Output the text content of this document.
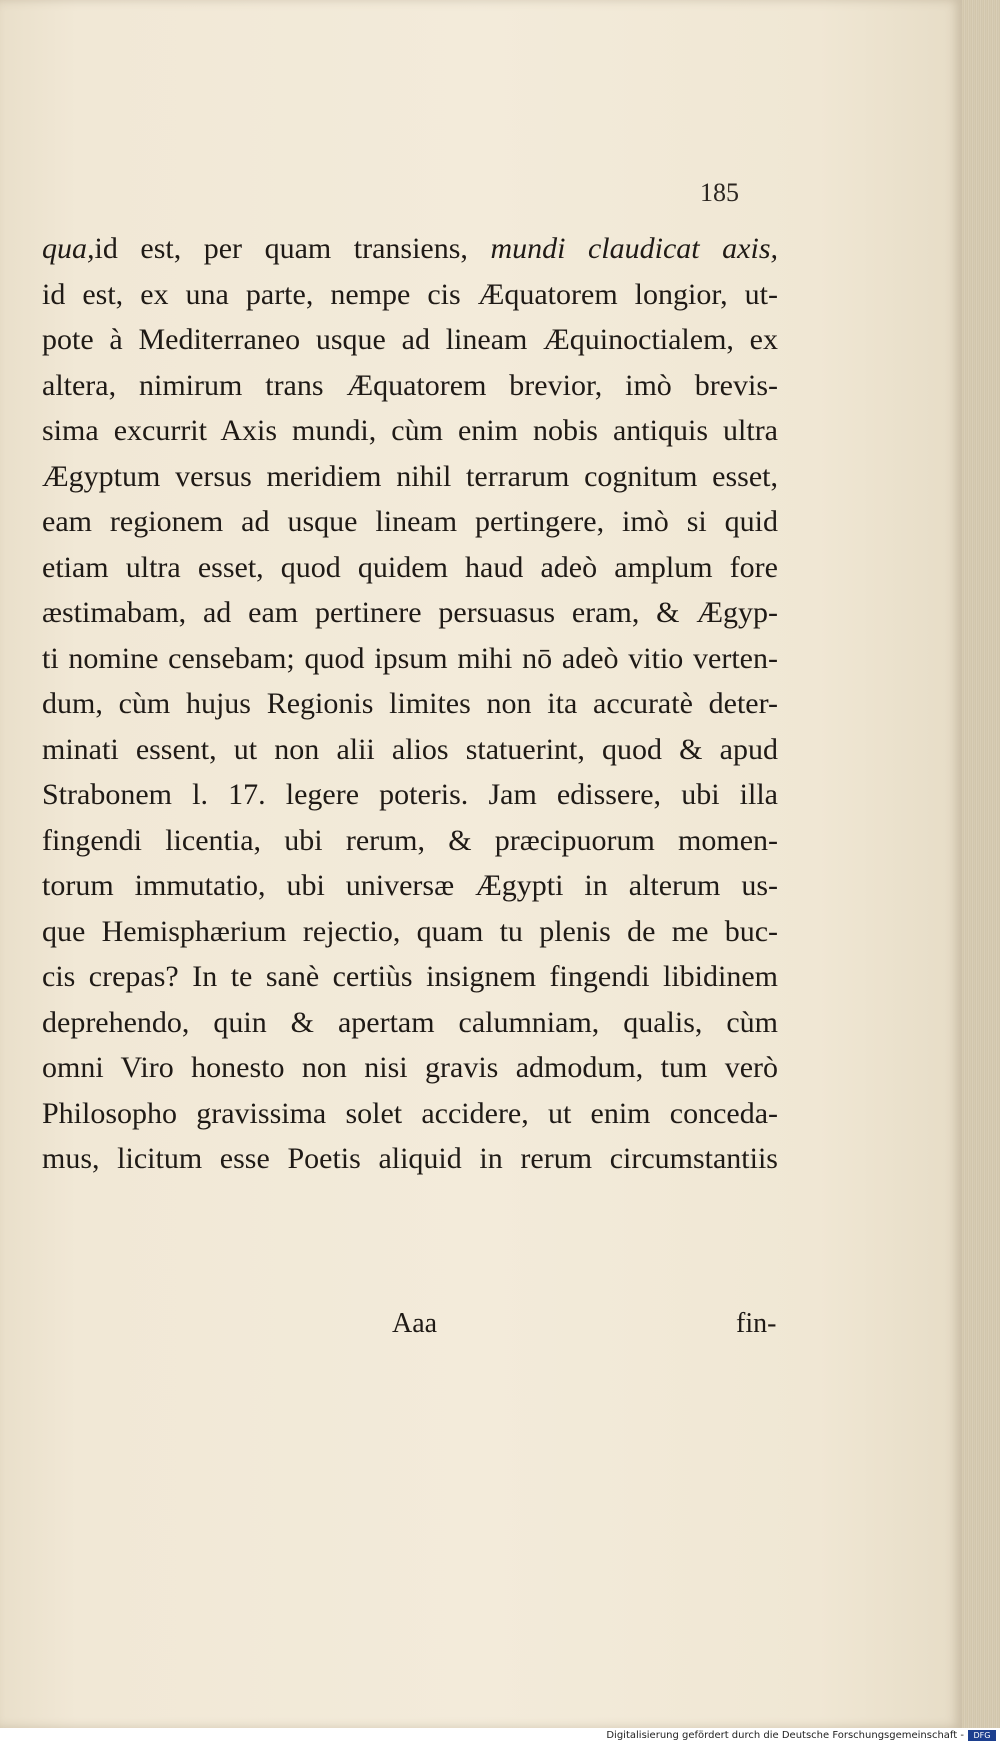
185
qua,id est, per quam transiens, mundi claudicat axis,
id est, ex una parte, nempe cis Æquatorem longior, ut-
pote à Mediterraneo usque ad lineam Æquinoctialem, ex
altera, nimirum trans Æquatorem brevior, imò brevis-
sima excurrit Axis mundi, cùm enim nobis antiquis ultra
Ægyptum versus meridiem nihil terrarum cognitum esset,
eam regionem ad usque lineam pertingere, imò si quid
etiam ultra esset, quod quidem haud adeò amplum fore
æstimabam, ad eam pertinere persuasus eram, & Ægyp-
ti nomine censebam; quod ipsum mihi nō adeò vitio verten-
dum, cùm hujus Regionis limites non ita accuratè deter-
minati essent, ut non alii alios statuerint, quod & apud
Strabonem l. 17. legere poteris. Jam edissere, ubi illa
fingendi licentia, ubi rerum, & præcipuorum momen-
torum immutatio, ubi universæ Ægypti in alterum us-
que Hemisphærium rejectio, quam tu plenis de me buc-
cis crepas? In te sanè certiùs insignem fingendi libidinem
deprehendo, quin & apertam calumniam, qualis, cùm
omni Viro honesto non nisi gravis admodum, tum verò
Philosopho gravissima solet accidere, ut enim conceda-
mus, licitum esse Poetis aliquid in rerum circumstantiis
Aaa	fin-
Digitalisierung gefördert durch die Deutsche Forschungsgemeinschaft -	DFG
